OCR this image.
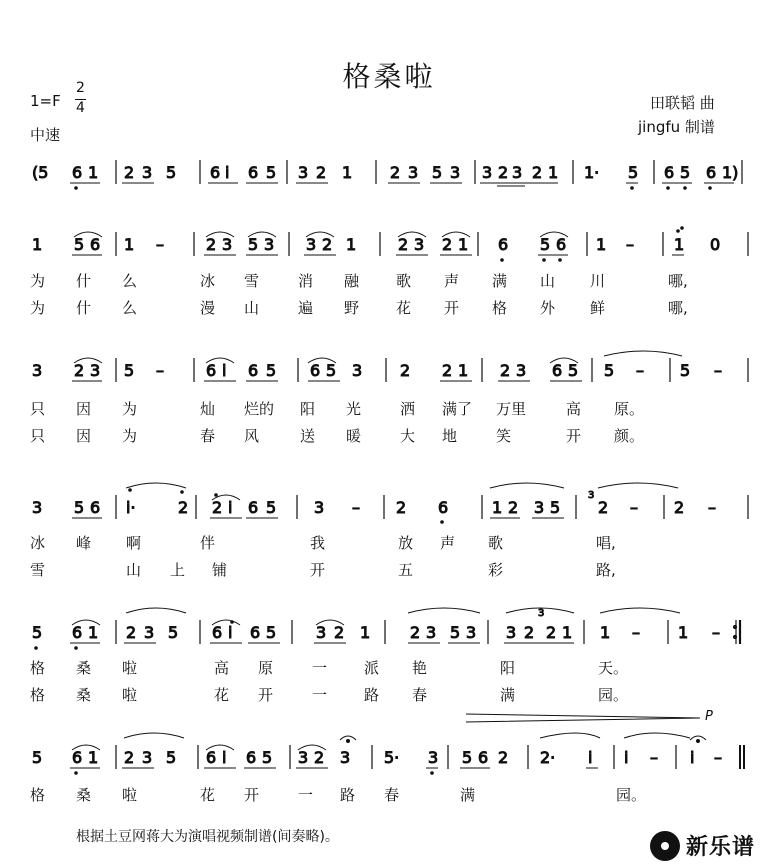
格桑啦
1=F
2
4
中速
田联韬 曲
jingfu 制谱
(5 6 1 2 3 5 6 i 6 5 3 2 1 2 3 5 3 3 2 3 2 1 1· 5 6 5 6 1)
1 5 6 1 –	2 3 5 3 3 2 1	2 3 2 1 6 5 6 1 –	1 0
3 2 3 5 –	6 i 6 5 6 5 3 2 2 1 2 3 6 5 5 – 5 –
3 5 6 i·	2 2 i 6 5 3 – 2 6	1 2 3 5 2 – 2 –
3
5 6 1 2 3 5 6 i 6 5 3 2 1 2 3 5 3 3 2 2 1 1 – 1 –
3
5 6 1 2 3 5 6 i 6 5 3 2 3 5· 3 5 6 2 2· i i – i –
P
为 什 么	冰 雪	消 融 歌 声 满 山 川	哪,
为 什 么	漫 山	遍 野 花 开 格 外 鲜	哪,
只 因 为	灿 烂的 阳 光	洒 满了 万里	高 原。
只 因 为	春 风	送 暖	大 地	笑	开 颜。
冰 峰 啊	伴	我	放 声 歌	唱,
雪	山 上 铺	开	五	彩	路,
格 桑 啦	高 原	一 派 艳	阳	天。
格 桑 啦	花 开	一 路 春	满	园。
格 桑 啦	花 开	一 路 春	满	园。
根据土豆网蒋大为演唱视频制谱(间奏略)。	新乐谱
